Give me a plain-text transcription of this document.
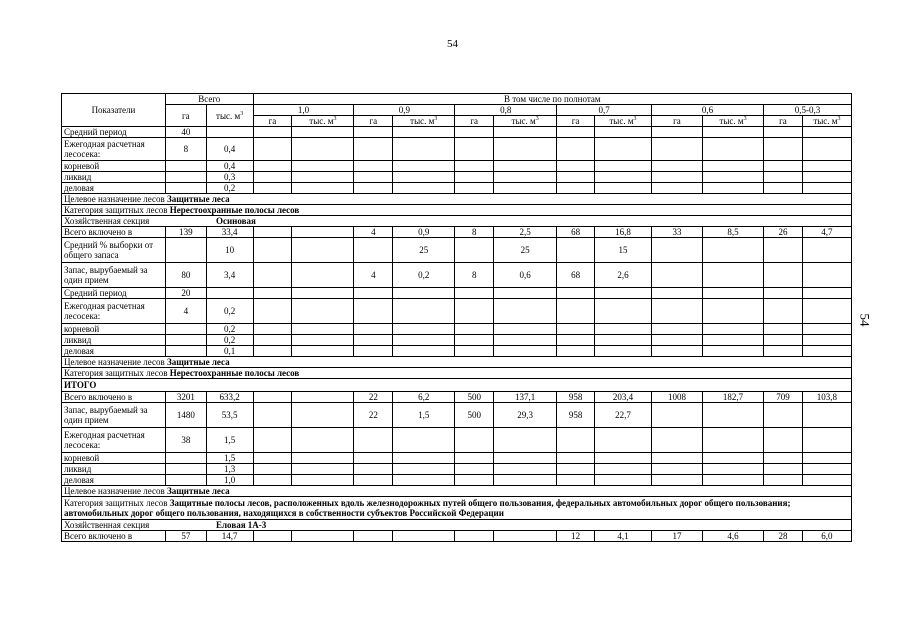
54
54
Показатели	Всего		В том числе по полнотам											
	га	тыс. $м^3$	1,0		0,9		0,8		0,7		0,6		0,5-0,3	
			га	тыс. $м^3$	га	тыс. $м^3$	га	тыс. $м^3$	га	тыс. $м^3$	га	тыс. $м^3$	га	тыс. $м^3$
Средний период	40													
Ежегодная расчетная лесосека:	8	0,4												
корневой		0,4												
ликвид		0,3												
деловая		0,2												
Целевое назначение лесов Защитные леса														
Категория защитных лесов Нерестоохранные полосы лесов														
Хозяйственная секция Осиновая														
Всего включено в	139	33,4			4	0,9	8	2,5	68	16,8	33	8,5	26	4,7
Средний % выборки от общего запаса		10				25		25		15				
Запас, вырубаемый за один прием	80	3,4			4	0,2	8	0,6	68	2,6				
Средний период	20													
Ежегодная расчетная лесосека:	4	0,2												
корневой		0,2												
ликвид		0,2												
деловая		0,1												
Целевое назначение лесов Защитные леса														
Категория защитных лесов Нерестоохранные полосы лесов														
ИТОГО														
Всего включено в	3201	633,2			22	6,2	500	137,1	958	203,4	1008	182,7	709	103,8
Запас, вырубаемый за один прием	1480	53,5			22	1,5	500	29,3	958	22,7				
Ежегодная расчетная лесосека:	38	1,5												
корневой		1,5												
ликвид		1,3												
деловая		1,0												
Целевое назначение лесов Защитные леса														
Категория защитных лесов Защитные полосы лесов, расположенных вдоль железнодорожных путей общего пользования, федеральных автомобильных дорог общего пользования; автомобильных дорог общего пользования, находящихся в собственности субъектов Российской Федерации														
Хозяйственная секция Еловая 1А-3														
Всего включено в	57	14,7							12	4,1	17	4,6	28	6,0
